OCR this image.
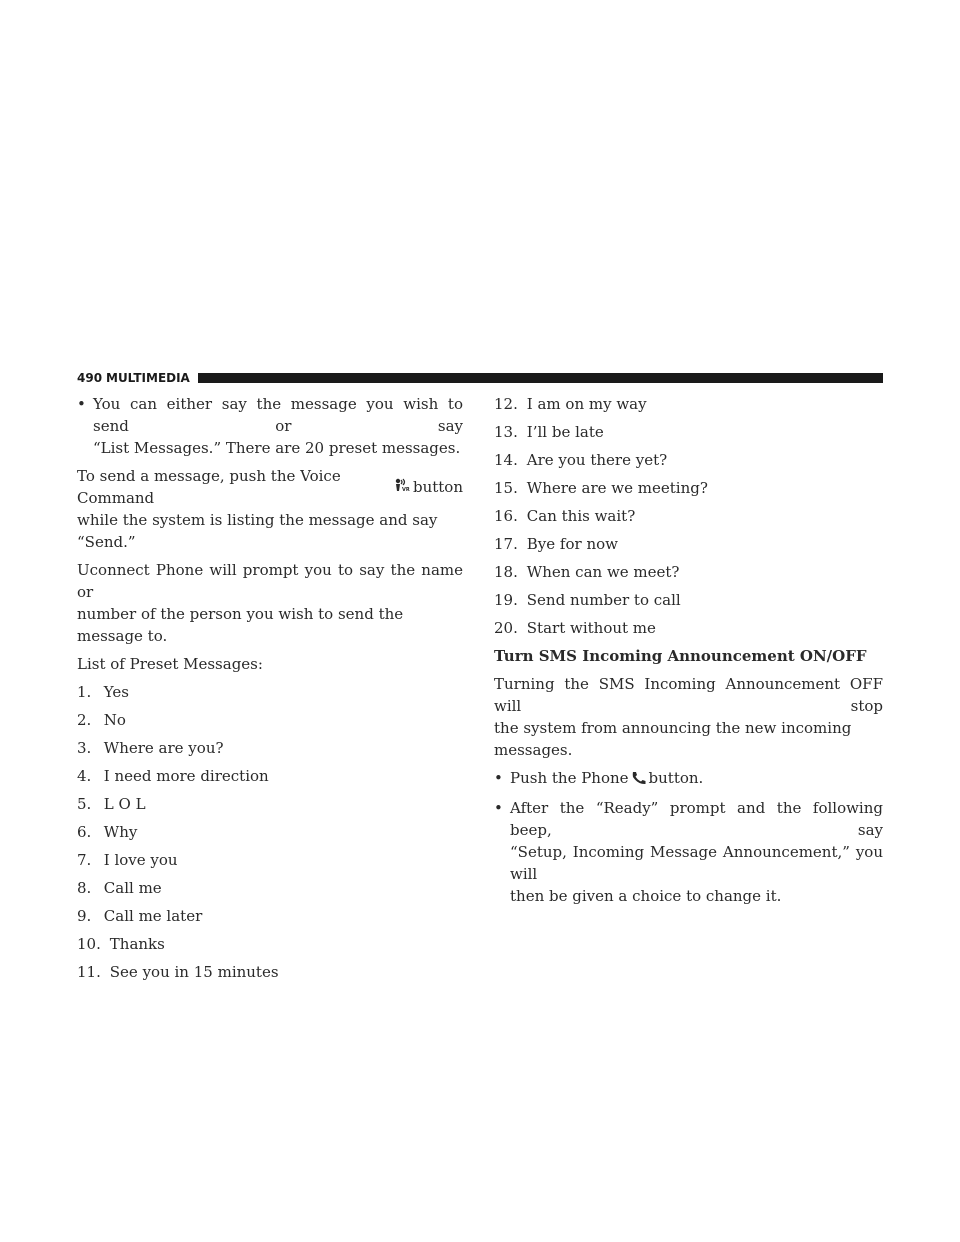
490 MULTIMEDIA
• You can either say the message you wish to send or say
“List Messages.” There are 20 preset messages.

To send a message, push the Voice Command	VR button
while the system is listing the message and say “Send.”

Uconnect Phone will prompt you to say the name or
number of the person you wish to send the message to.

List of Preset Messages:

1. Yes
2. No
3. Where are you?
4. I need more direction
5. L O L
6. Why
7. I love you
8. Call me
9. Call me later
10. Thanks
11. See you in 15 minutes
12. I am on my way
13. I’ll be late
14. Are you there yet?
15. Where are we meeting?
16. Can this wait?
17. Bye for now
18. When can we meet?
19. Send number to call
20. Start without me

Turn SMS Incoming Announcement ON/OFF

Turning the SMS Incoming Announcement OFF will stop
the system from announcing the new incoming messages.

• Push the Phone button.
• After the “Ready” prompt and the following beep, say
“Setup, Incoming Message Announcement,” you will
then be given a choice to change it.
